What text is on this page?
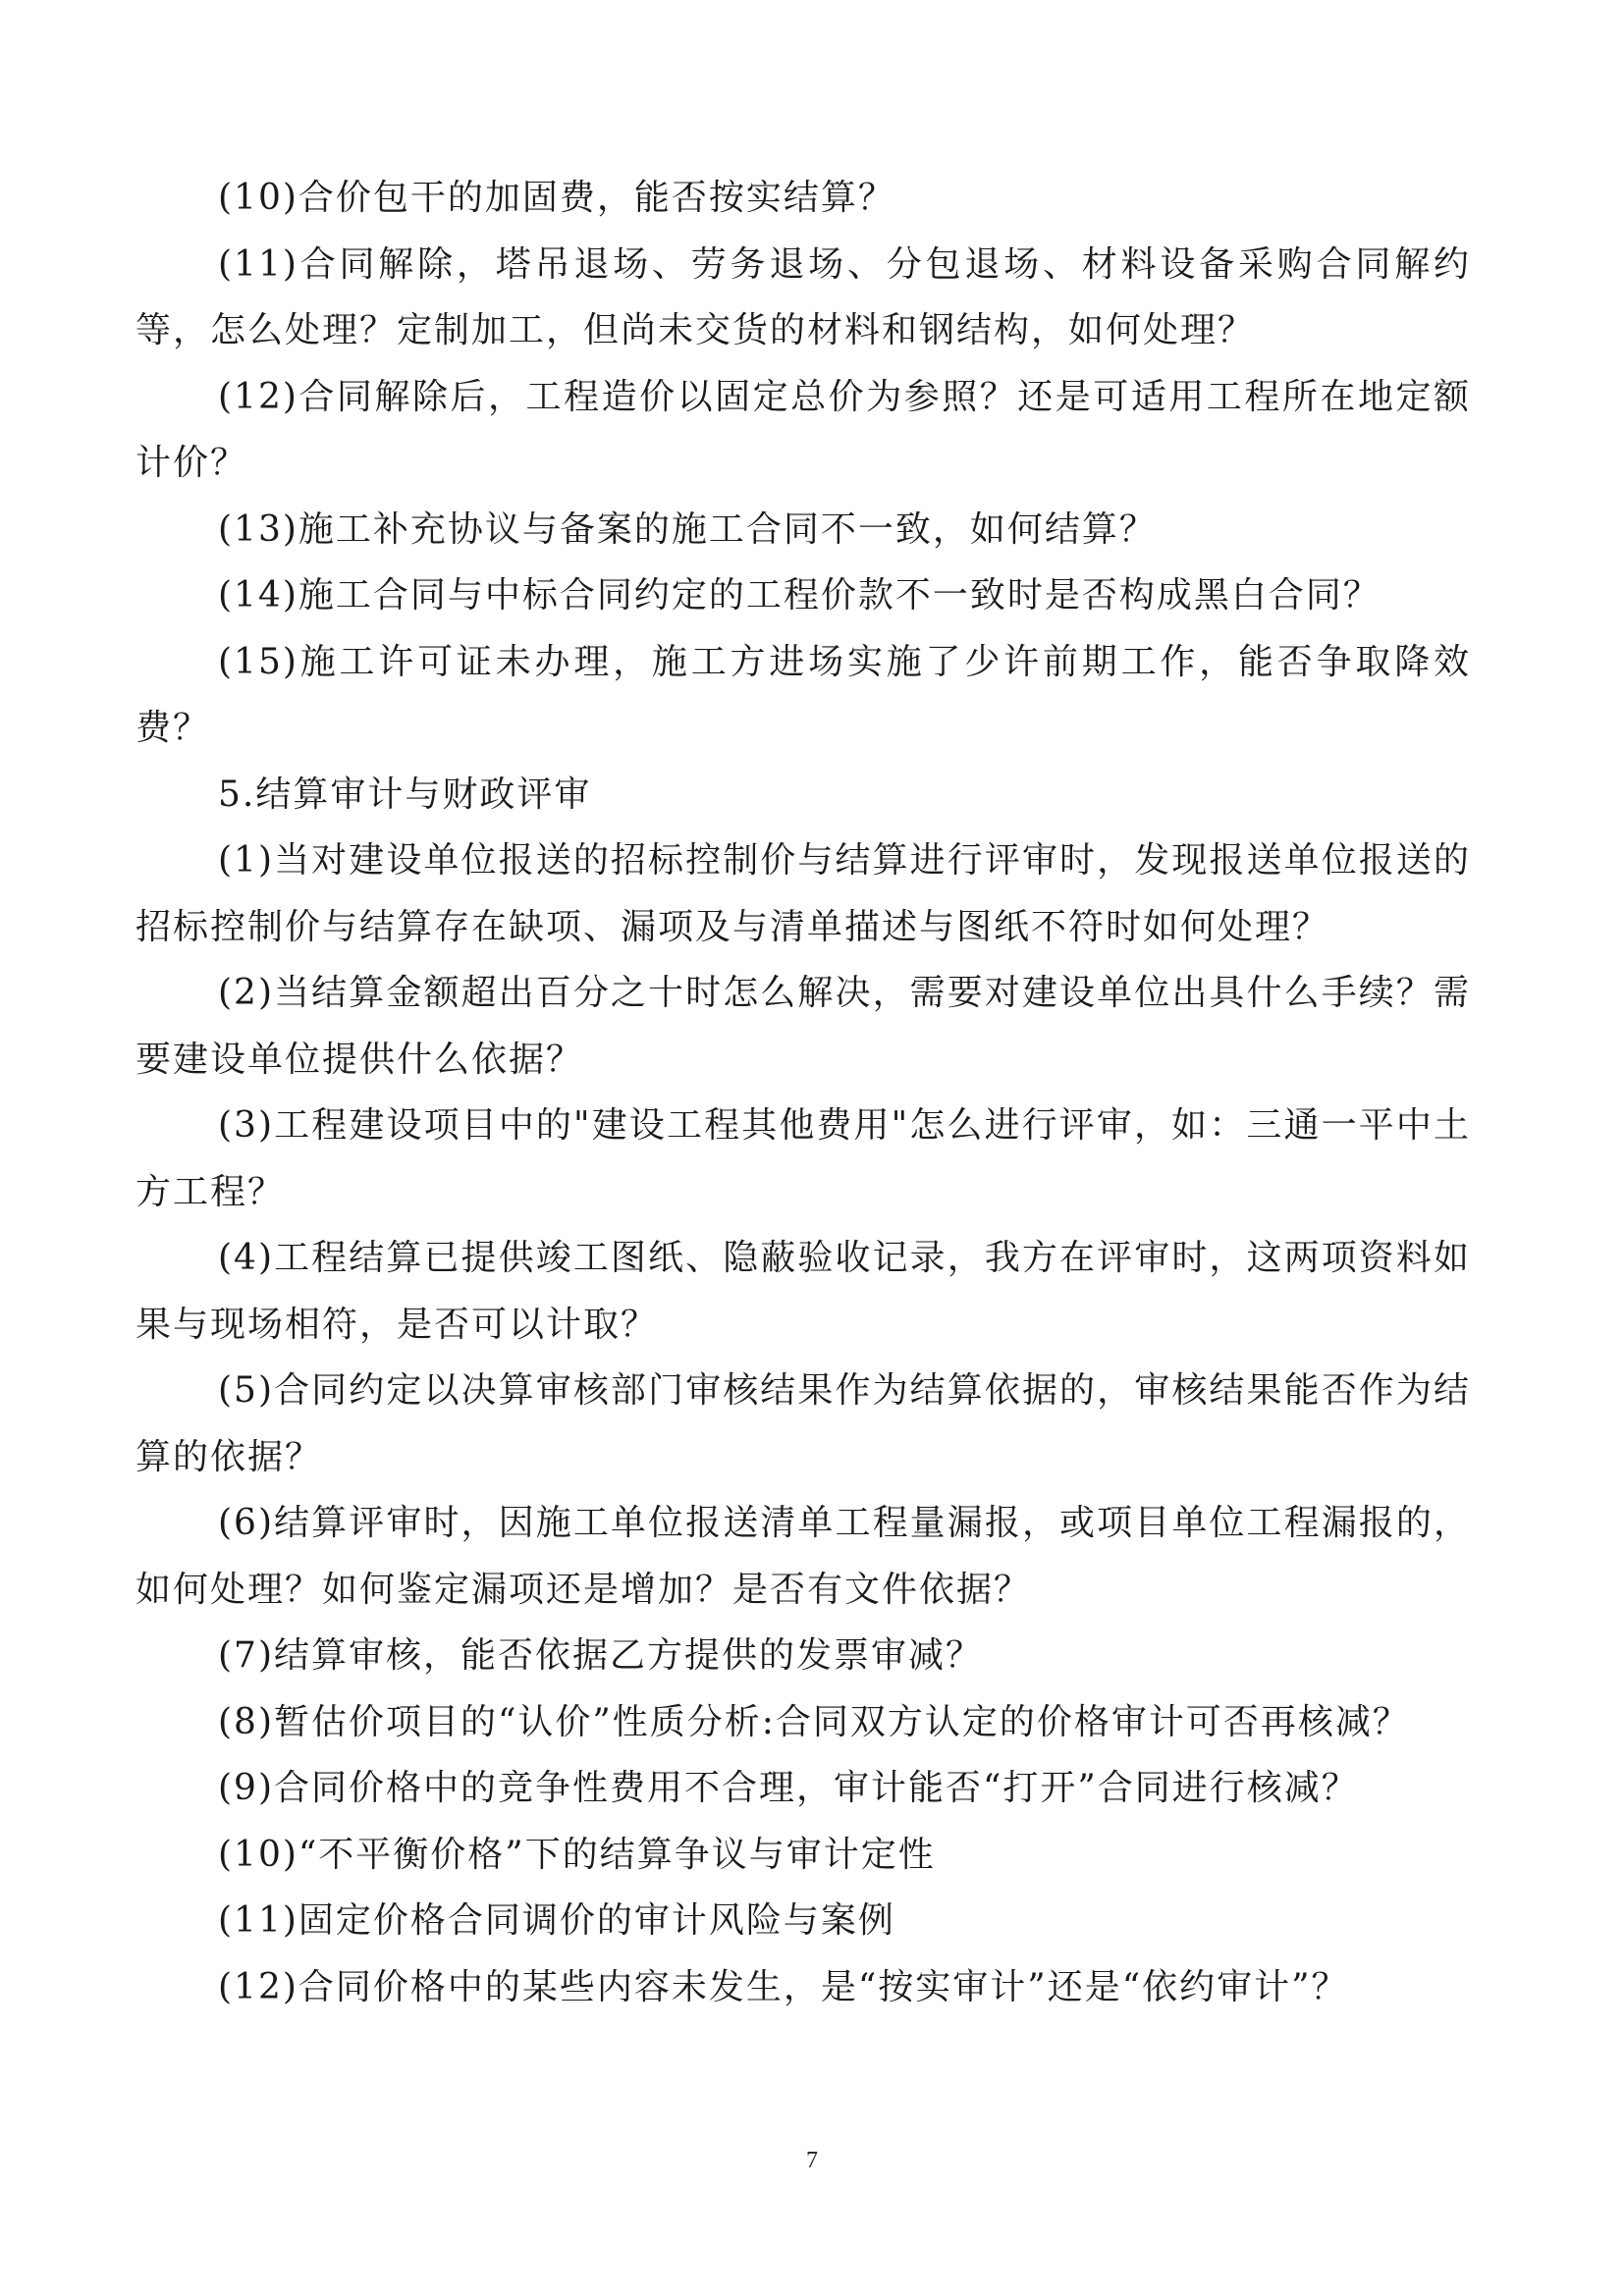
(10)合价包干的加固费，能否按实结算？

(11)合同解除，塔吊退场、劳务退场、分包退场、材料设备采购合同解约等，怎么处理？定制加工，但尚未交货的材料和钢结构，如何处理？

(12)合同解除后，工程造价以固定总价为参照？还是可适用工程所在地定额计价？

(13)施工补充协议与备案的施工合同不一致，如何结算？

(14)施工合同与中标合同约定的工程价款不一致时是否构成黑白合同？

(15)施工许可证未办理，施工方进场实施了少许前期工作，能否争取降效费？

5.结算审计与财政评审

(1)当对建设单位报送的招标控制价与结算进行评审时，发现报送单位报送的招标控制价与结算存在缺项、漏项及与清单描述与图纸不符时如何处理？

(2)当结算金额超出百分之十时怎么解决，需要对建设单位出具什么手续？需要建设单位提供什么依据？

(3)工程建设项目中的"建设工程其他费用"怎么进行评审，如：三通一平中土方工程？

(4)工程结算已提供竣工图纸、隐蔽验收记录，我方在评审时，这两项资料如果与现场相符，是否可以计取？

(5)合同约定以决算审核部门审核结果作为结算依据的，审核结果能否作为结算的依据？

(6)结算评审时，因施工单位报送清单工程量漏报，或项目单位工程漏报的，如何处理？如何鉴定漏项还是增加？是否有文件依据？

(7)结算审核，能否依据乙方提供的发票审减？

(8)暂估价项目的“认价”性质分析:合同双方认定的价格审计可否再核减？

(9)合同价格中的竞争性费用不合理，审计能否“打开”合同进行核减？

(10)“不平衡价格”下的结算争议与审计定性

(11)固定价格合同调价的审计风险与案例

(12)合同价格中的某些内容未发生，是“按实审计”还是“依约审计”？

7
